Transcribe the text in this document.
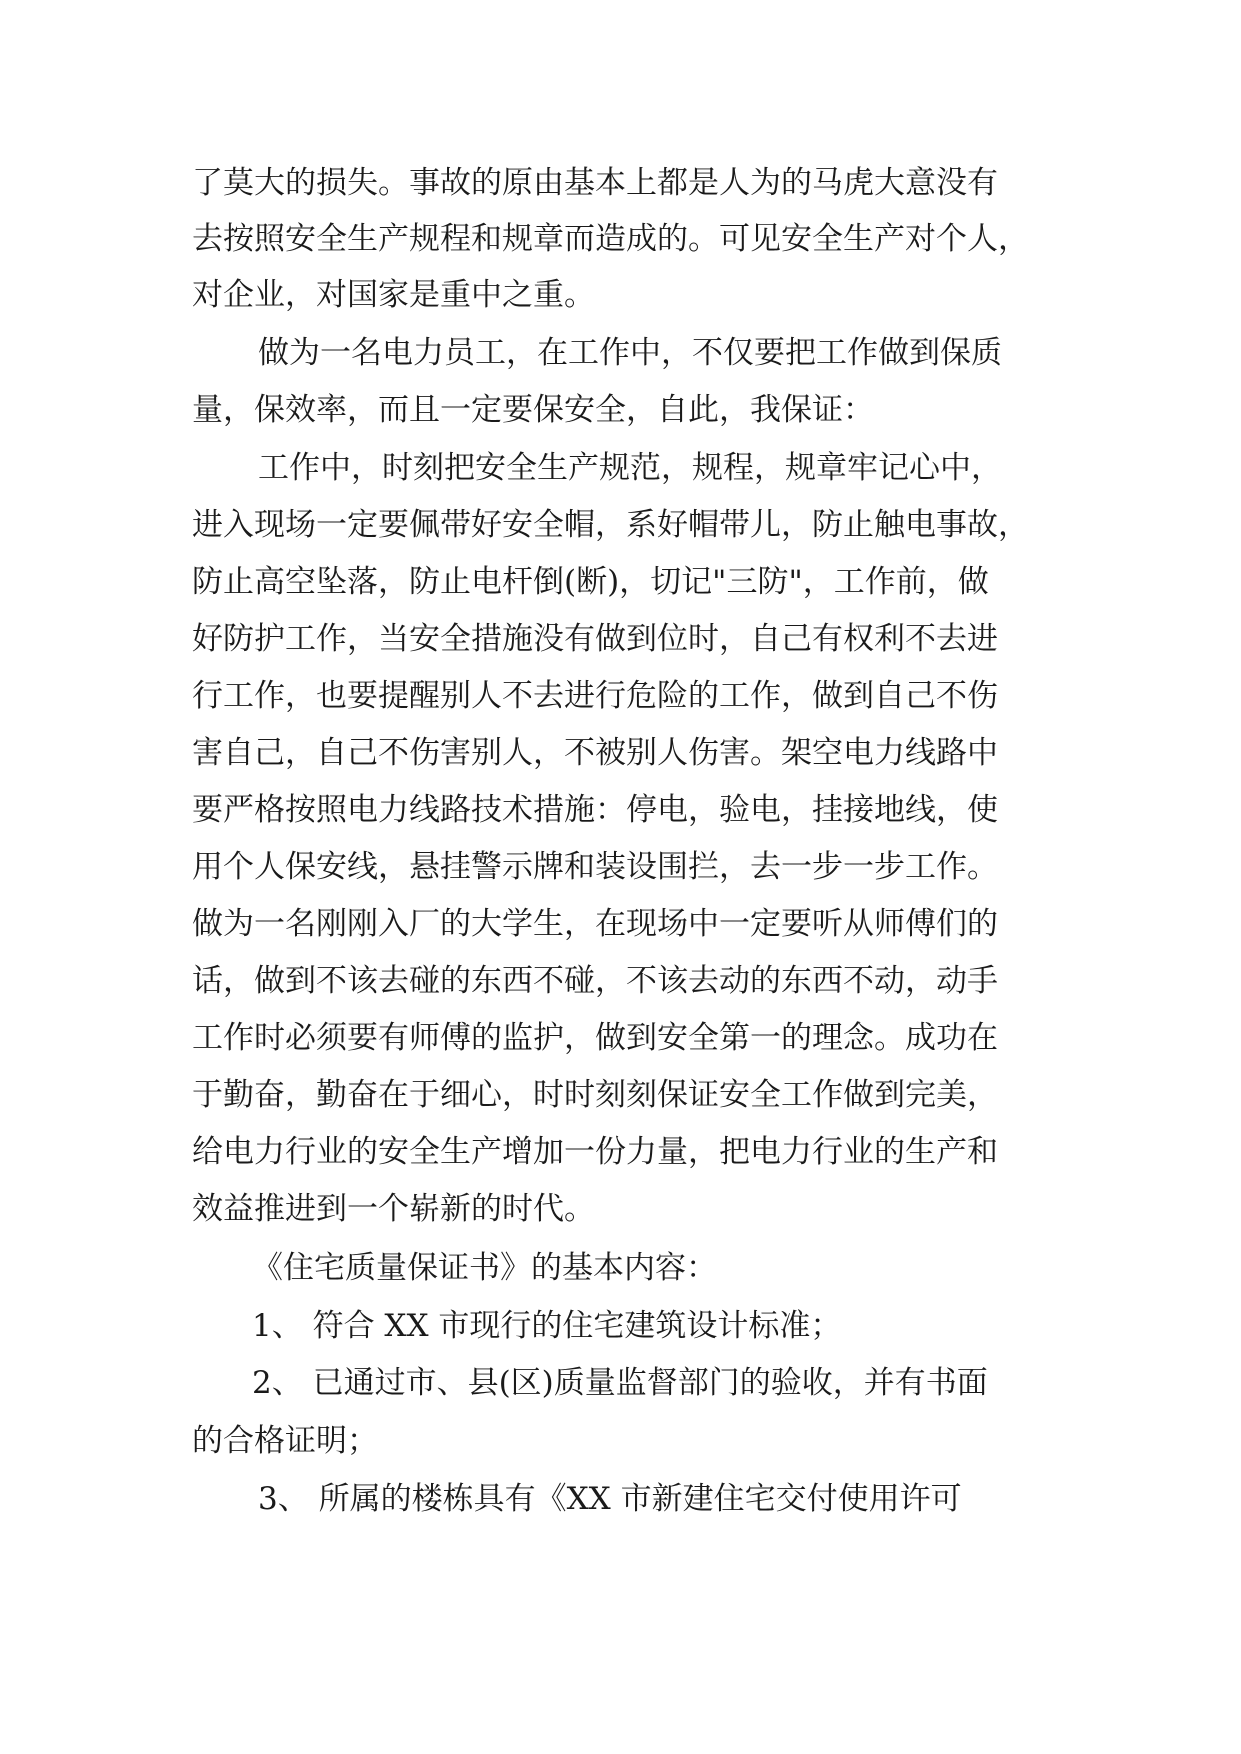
了莫大的损失。事故的原由基本上都是人为的马虎大意没有
去按照安全生产规程和规章而造成的。可见安全生产对个人，
对企业，对国家是重中之重。
做为一名电力员工，在工作中，不仅要把工作做到保质
量，保效率，而且一定要保安全，自此，我保证：
工作中，时刻把安全生产规范，规程，规章牢记心中，
进入现场一定要佩带好安全帽，系好帽带儿，防止触电事故，
防止高空坠落，防止电杆倒(断)，切记"三防"，工作前，做
好防护工作，当安全措施没有做到位时，自己有权利不去进
行工作，也要提醒别人不去进行危险的工作，做到自己不伤
害自己，自己不伤害别人，不被别人伤害。架空电力线路中
要严格按照电力线路技术措施：停电，验电，挂接地线，使
用个人保安线，悬挂警示牌和装设围拦，去一步一步工作。
做为一名刚刚入厂的大学生，在现场中一定要听从师傅们的
话，做到不该去碰的东西不碰，不该去动的东西不动，动手
工作时必须要有师傅的监护，做到安全第一的理念。成功在
于勤奋，勤奋在于细心，时时刻刻保证安全工作做到完美，
给电力行业的安全生产增加一份力量，把电力行业的生产和
效益推进到一个崭新的时代。
《住宅质量保证书》的基本内容：
1、 符合 XX 市现行的住宅建筑设计标准；
2、 已通过市、县(区)质量监督部门的验收，并有书面
的合格证明；
3、 所属的楼栋具有《XX 市新建住宅交付使用许可
